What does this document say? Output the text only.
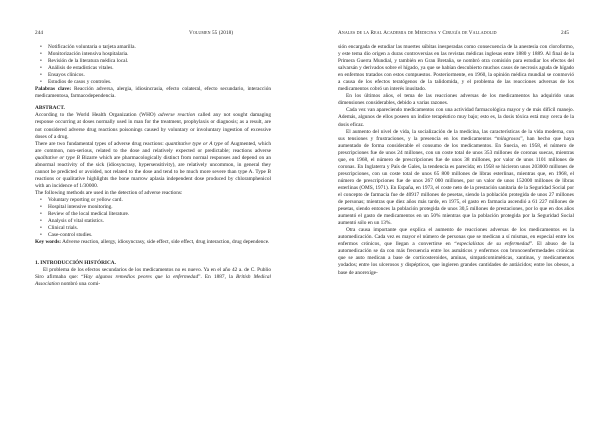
244	Volumen 55 (2018)	Anales de la Real Academia de Medicina y Cirugía de Valladolid	245
• Notificación voluntaria o tarjeta amarilla.
• Monitorización intensiva hospitalaria.
• Revisión de la literatura médica local.
• Análisis de estadísticas vitales.
• Ensayos clínicos.
• Estudios de casos y controles.

Palabras clave: Reacción adversa, alergia, idiosincrasia, efecto colateral, efecto secundario, interacción medicamentosa, farmacodependencia.

ABSTRACT.

According to the World Health Organization (WHO) adverse reaction called any not sought damaging response occurring at doses normally used in man for the treatment, prophylaxis or diagnosis; as a result, are not considered adverse drug reactions poisonings caused by voluntary or involuntary ingestion of excessive doses of a drug.

There are two fundamental types of adverse drug reactions: quantitative type or A type of Augmented, which are common, non-serious, related to the dose and relatively expected or predictable; reactions adverse qualitative or type B Bizarre which are pharmacologically distinct from normal responses and depend on an abnormal reactivity of the sick (idiosyncrasy, hypersensitivity), are relatively uncommon, in general they cannot be predicted or avoided, not related to the dose and tend to be much more severe than type A. Type B reactions or qualitative highlights the bone marrow aplasia independent dose produced by chloramphenicol with an incidence of 1/30000.

The following methods are used in the detection of adverse reactions:

• Voluntary reporting or yellow card.
• Hospital intensive monitoring.
• Review of the local medical literature.
• Analysis of vital statistics.
• Clinical trials.
• Case-control studies.

Key words: Adverse reaction, allergy, idiosyncrasy, side effect, side effect, drug interaction, drug dependence.

1. INTRODUCCIÓN HISTÓRICA.

El problema de los efectos secundarios de los medicamentos no es nuevo. Ya en el año 42 a. de C. Publio Siro afirmaba que: “Hay algunos remedios peores que la enfermedad”. En 1887, la British Medical Association nombró una comi-

sión encargada de estudiar las muertes súbitas inesperadas como consecuencia de la anestesia con cloroformo, y este tema dio origen a duras controversias en las revistas médicas inglesas entre 1880 y 1889. Al final de la Primera Guerra Mundial, y también en Gran Bretaña, se nombró otra comisión para estudiar los efectos del salvarsán y derivados sobre el hígado, ya que se habían descubierto muchos casos de necrosis aguda de hígado en enfermos tratados con estos compuestos. Posteriormente, en 1960, la opinión médica mundial se conmovió a causa de los efectos teratógenos de la talidomida, y el problema de las reacciones adversas de los medicamentos cobró un interés inusitado.

En los últimos años, el tema de las reacciones adversas de los medicamentos ha adquirido unas dimensiones considerables, debido a varias razones.

Cada vez van apareciendo medicamentos con una actividad farmacológica mayor y de más difícil manejo. Además, algunos de ellos poseen un índice terapéutico muy bajo; esto es, la dosis tóxica está muy cerca de la dosis eficaz.

El aumento del nivel de vida, la socialización de la medicina, las características de la vida moderna, con sus tensiones y frustraciones, y la presencia en los medicamentos “milagrosos”, han hecho que haya aumentado de forma considerable el consumo de los medicamentos. En Suecia, en 1958, el número de prescripciones fue de unos 24 millones, con un coste total de unos 353 millones de coronas suecas, mientras que, en 1968, el número de prescripciones fue de unos 38 millones, por valor de unos 1101 millones de coronas. En Inglaterra y País de Gales, la tendencia es parecida; en 1958 se hicieron unos 203000 millones de prescripciones, con un coste total de unos 65 800 millones de libras esterlinas, mientras que, en 1968, el número de prescripciones fue de unos 267 000 millones, por un valor de unos 152000 millones de libras esterlinas (OMS, 1971). En España, en 1973, el coste neto de la prestación sanitaria de la Seguridad Social por el concepto de farmacia fue de 40917 millones de pesetas, siendo la población protegida de unos 27 millones de personas; mientras que diez años más tarde, en 1975, el gasto en farmacia ascendió a 61 227 millones de pesetas, siendo entonces la población protegida de unos 30,5 millones de prestaciones, por lo que en dos años aumentó el gasto de medicamentos en un 50% mientras que la población protegida por la Seguridad Social aumentó sólo en un 13%.

Otra causa importante que explica el aumento de reacciones adversas de los medicamentos es la automedicación. Cada vez es mayor el número de personas que se medican a sí mismas, en especial entre los enfermos crónicos, que llegan a convertirse en “especialistas de su enfermedad”. El abuso de la automedicación se da con más frecuencia entre los asmáticos y enfermos con broncoenfermedades crónicas que se auto medican a base de corticosteroides, aminas, simpaticomiméticas, xantinas, y medicamentos yodados; entre los ulcerosos y dispépticos, que ingieren grandes cantidades de antiácidos; entre los obesos, a base de anorexíge-
